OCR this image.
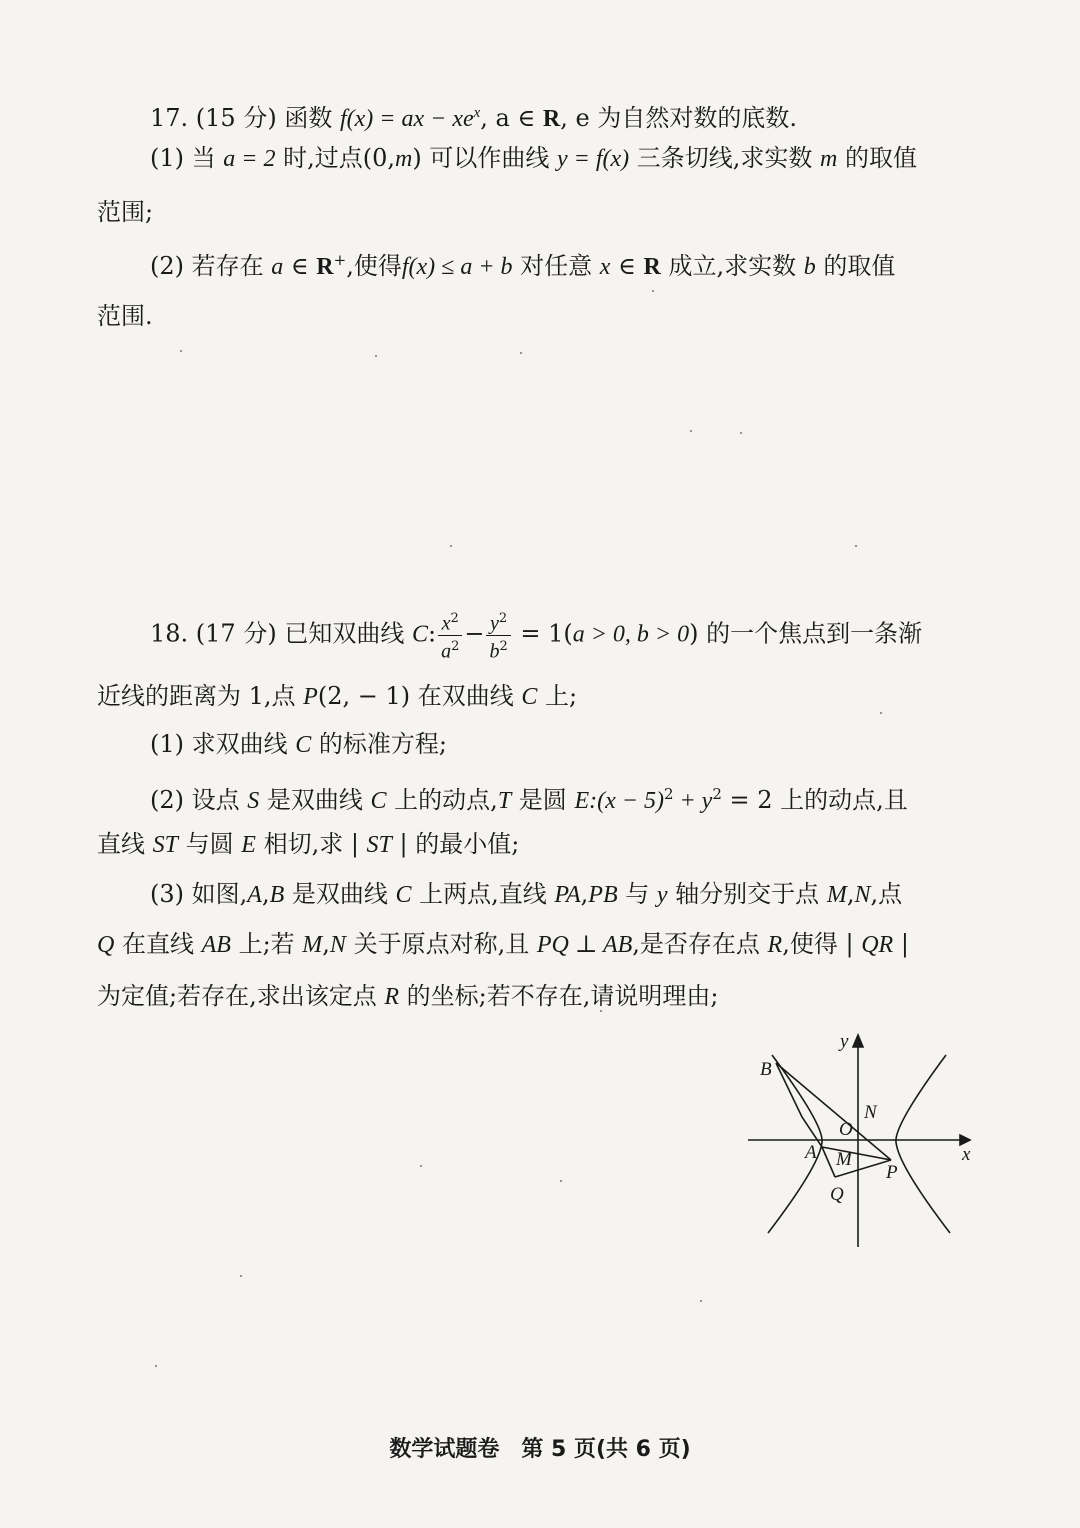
17. (15 分) 函数 f(x) = ax − $xe^x$, a ∈ R, e 为自然对数的底数.
(1) 当 a = 2 时,过点(0,m) 可以作曲线 y = f(x) 三条切线,求实数 m 的取值
范围;
(2) 若存在 a ∈ R+,使得f(x) ≤ a + b 对任意 x ∈ R 成立,求实数 b 的取值
范围.
18. (17 分) 已知双曲线 C: $\frac{x^2}{a^2} - \frac{y^2}{b^2} = 1(a > 0$, b > 0) 的一个焦点到一条渐
近线的距离为 1,点 P(2, − 1) 在双曲线 C 上;
(1) 求双曲线 C 的标准方程;
(2) 设点 S 是双曲线 C 上的动点,T 是圆 E:(x − $5)^2 + y^2 = 2$ 上的动点,且
直线 ST 与圆 E 相切,求 | ST | 的最小值;
(3) 如图,A,B 是双曲线 C 上两点,直线 PA,PB 与 y 轴分别交于点 M,N,点
Q 在直线 AB 上;若 M,N 关于原点对称,且 PQ ⊥ AB,是否存在点 R,使得 | QR |
为定值;若存在,求出该定点 R 的坐标;若不存在,请说明理由;
B
y
N
O
A M
P
Q
x
数学试题卷　第 5 页(共 6 页)
